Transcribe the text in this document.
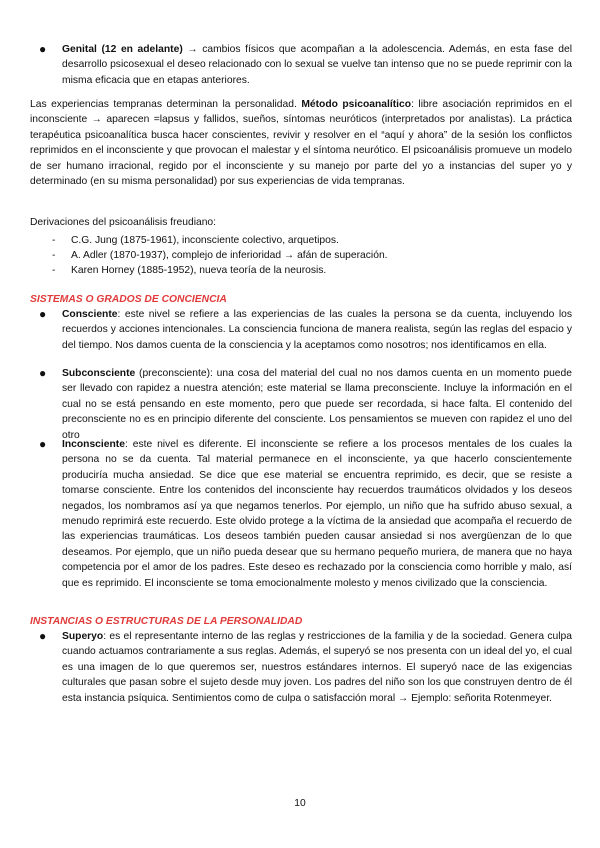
● Genital (12 en adelante) → cambios físicos que acompañan a la adolescencia. Además, en esta fase del desarrollo psicosexual el deseo relacionado con lo sexual se vuelve tan intenso que no se puede reprimir con la misma eficacia que en etapas anteriores.

Las experiencias tempranas determinan la personalidad. Método psicoanalítico: libre asociación reprimidos en el inconsciente → aparecen =lapsus y fallidos, sueños, síntomas neuróticos (interpretados por analistas). La práctica terapéutica psicoanalítica busca hacer conscientes, revivir y resolver en el “aquí y ahora” de la sesión los conflictos reprimidos en el inconsciente y que provocan el malestar y el síntoma neurótico. El psicoanálisis promueve un modelo de ser humano irracional, regido por el inconsciente y su manejo por parte del yo a instancias del super yo y determinado (en su misma personalidad) por sus experiencias de vida tempranas.

Derivaciones del psicoanálisis freudiano:

- C.G. Jung (1875-1961), inconsciente colectivo, arquetipos.
- A. Adler (1870-1937), complejo de inferioridad → afán de superación.
- Karen Horney (1885-1952), nueva teoría de la neurosis.
SISTEMAS O GRADOS DE CONCIENCIA
● Consciente: este nivel se refiere a las experiencias de las cuales la persona se da cuenta, incluyendo los recuerdos y acciones intencionales. La consciencia funciona de manera realista, según las reglas del espacio y del tiempo. Nos damos cuenta de la consciencia y la aceptamos como nosotros; nos identificamos en ella.

● Subconsciente (preconsciente): una cosa del material del cual no nos damos cuenta en un momento puede ser llevado con rapidez a nuestra atención; este material se llama preconsciente. Incluye la información en el cual no se está pensando en este momento, pero que puede ser recordada, si hace falta. El contenido del preconsciente no es en principio diferente del consciente. Los pensamientos se mueven con rapidez el uno del otro

● Inconsciente: este nivel es diferente. El inconsciente se refiere a los procesos mentales de los cuales la persona no se da cuenta. Tal material permanece en el inconsciente, ya que hacerlo conscientemente produciría mucha ansiedad. Se dice que ese material se encuentra reprimido, es decir, que se resiste a tomarse consciente. Entre los contenidos del inconsciente hay recuerdos traumáticos olvidados y los deseos negados, los nombramos así ya que negamos tenerlos. Por ejemplo, un niño que ha sufrido abuso sexual, a menudo reprimirá este recuerdo. Este olvido protege a la víctima de la ansiedad que acompaña el recuerdo de las experiencias traumáticas. Los deseos también pueden causar ansiedad si nos avergüenzan de lo que deseamos. Por ejemplo, que un niño pueda desear que su hermano pequeño muriera, de manera que no haya competencia por el amor de los padres. Este deseo es rechazado por la consciencia como horrible y malo, así que es reprimido. El inconsciente se toma emocionalmente molesto y menos civilizado que la consciencia.

INSTANCIAS O ESTRUCTURAS DE LA PERSONALIDAD
● Superyo: es el representante interno de las reglas y restricciones de la familia y de la sociedad. Genera culpa cuando actuamos contrariamente a sus reglas. Además, el superyó se nos presenta con un ideal del yo, el cual es una imagen de lo que queremos ser, nuestros estándares internos. El superyó nace de las exigencias culturales que pasan sobre el sujeto desde muy joven. Los padres del niño son los que construyen dentro de él esta instancia psíquica. Sentimientos como de culpa o satisfacción moral → Ejemplo: señorita Rotenmeyer.

10
